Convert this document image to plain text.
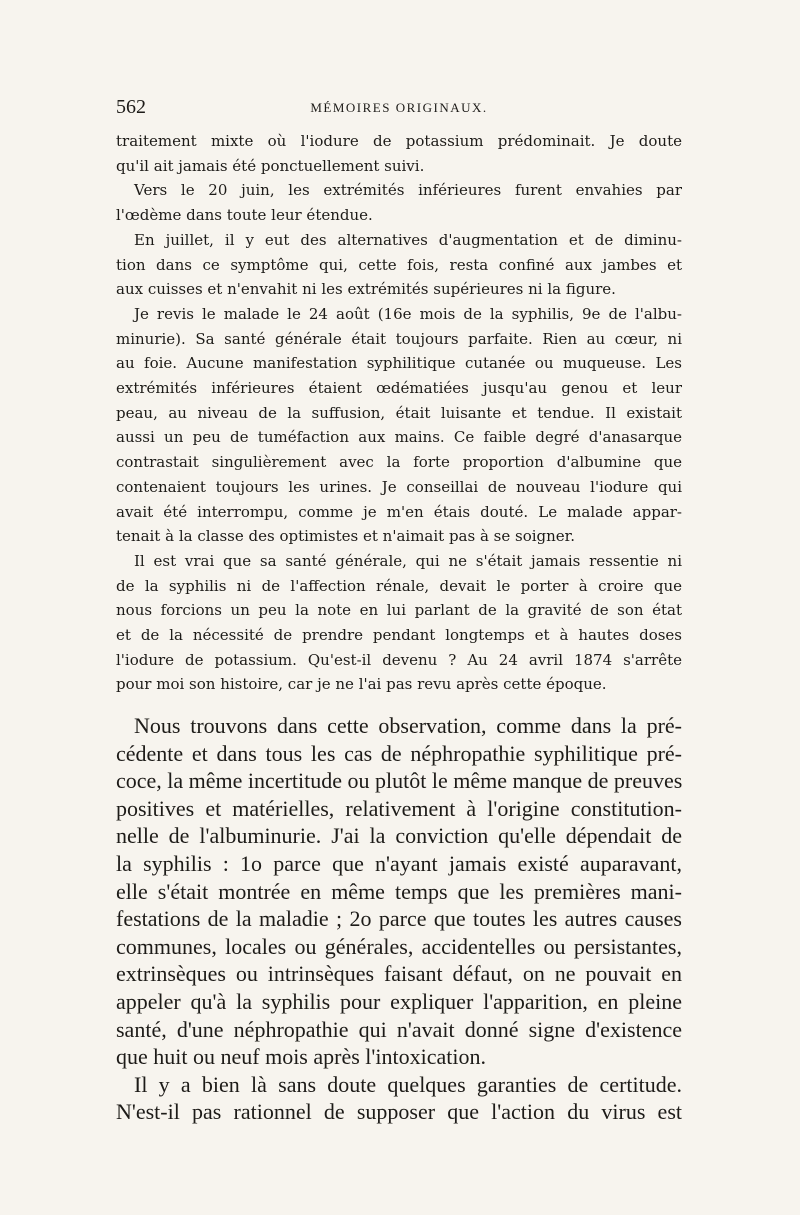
562	MÉMOIRES ORIGINAUX.
traitement mixte où l'iodure de potassium prédominait. Je doute
qu'il ait jamais été ponctuellement suivi.
Vers le 20 juin, les extrémités inférieures furent envahies par
l'œdème dans toute leur étendue.
En juillet, il y eut des alternatives d'augmentation et de diminu-
tion dans ce symptôme qui, cette fois, resta confiné aux jambes et
aux cuisses et n'envahit ni les extrémités supérieures ni la figure.
Je revis le malade le 24 août (16e mois de la syphilis, 9e de l'albu-
minurie). Sa santé générale était toujours parfaite. Rien au cœur, ni
au foie. Aucune manifestation syphilitique cutanée ou muqueuse. Les
extrémités inférieures étaient œdématiées jusqu'au genou et leur
peau, au niveau de la suffusion, était luisante et tendue. Il existait
aussi un peu de tuméfaction aux mains. Ce faible degré d'anasarque
contrastait singulièrement avec la forte proportion d'albumine que
contenaient toujours les urines. Je conseillai de nouveau l'iodure qui
avait été interrompu, comme je m'en étais douté. Le malade appar-
tenait à la classe des optimistes et n'aimait pas à se soigner.
Il est vrai que sa santé générale, qui ne s'était jamais ressentie ni
de la syphilis ni de l'affection rénale, devait le porter à croire que
nous forcions un peu la note en lui parlant de la gravité de son état
et de la nécessité de prendre pendant longtemps et à hautes doses
l'iodure de potassium. Qu'est-il devenu ? Au 24 avril 1874 s'arrête
pour moi son histoire, car je ne l'ai pas revu après cette époque.
Nous trouvons dans cette observation, comme dans la pré-
cédente et dans tous les cas de néphropathie syphilitique pré-
coce, la même incertitude ou plutôt le même manque de preuves
positives et matérielles, relativement à l'origine constitution-
nelle de l'albuminurie. J'ai la conviction qu'elle dépendait de
la syphilis : 1o parce que n'ayant jamais existé auparavant,
elle s'était montrée en même temps que les premières mani-
festations de la maladie ; 2o parce que toutes les autres causes
communes, locales ou générales, accidentelles ou persistantes,
extrinsèques ou intrinsèques faisant défaut, on ne pouvait en
appeler qu'à la syphilis pour expliquer l'apparition, en pleine
santé, d'une néphropathie qui n'avait donné signe d'existence
que huit ou neuf mois après l'intoxication.
Il y a bien là sans doute quelques garanties de certitude.
N'est-il pas rationnel de supposer que l'action du virus est
